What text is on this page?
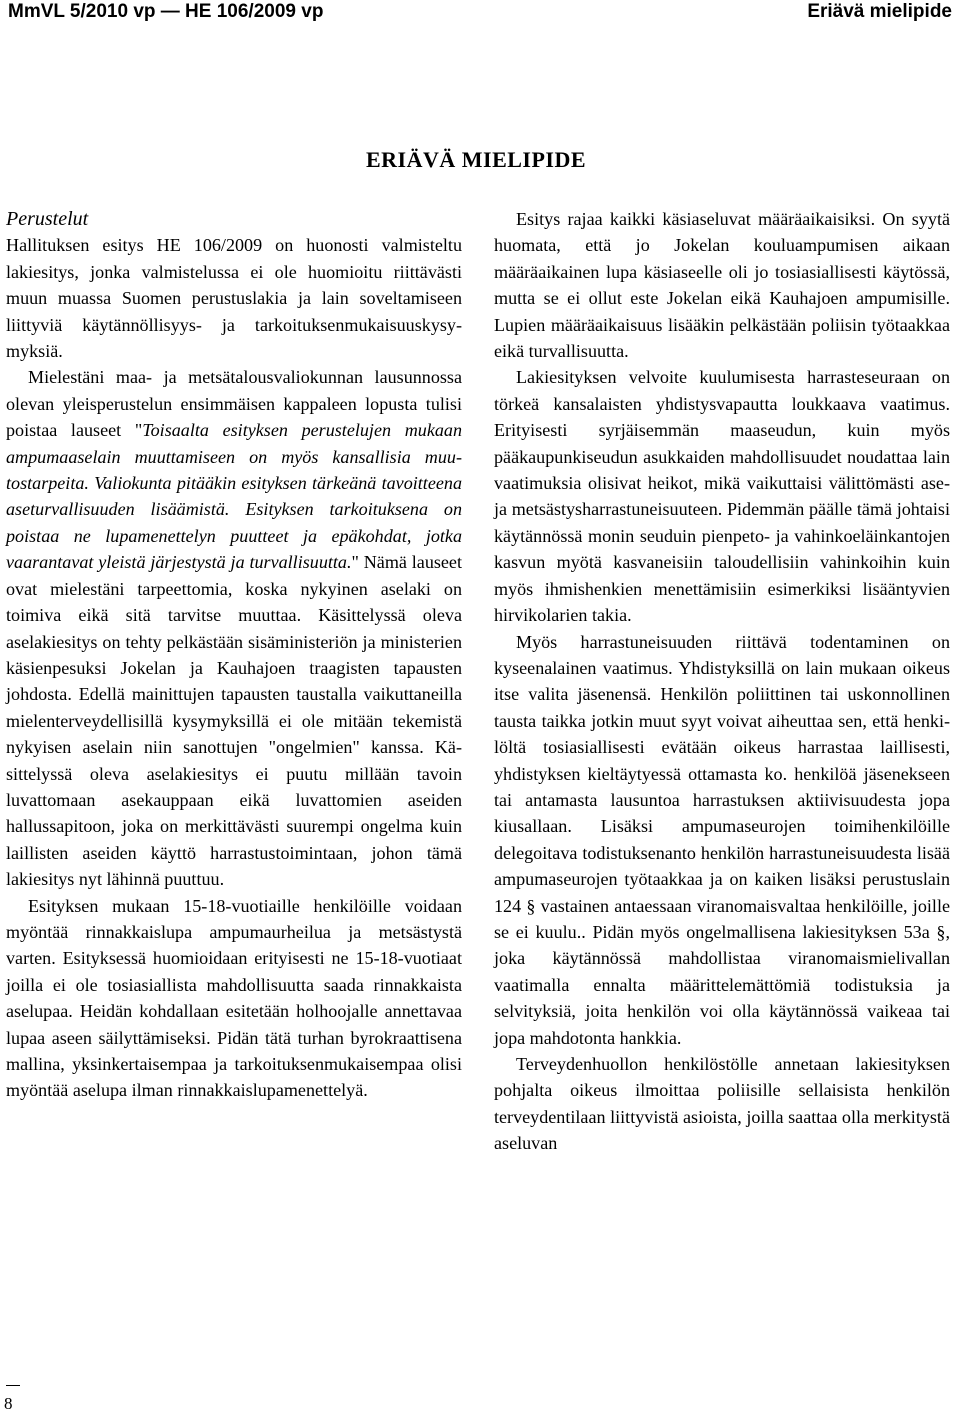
MmVL 5/2010 vp — HE 106/2009 vp	Eriävä mielipide
ERIÄVÄ MIELIPIDE
Perustelut

Hallituksen esitys HE 106/2009 on huonosti valmisteltu lakiesitys, jonka valmistelussa ei ole huomioitu riittävästi muun muassa Suomen perustuslakia ja lain soveltamiseen liittyviä käytännöllisyys- ja tarkoituksenmukaisuuskysymyksiä.

Mielestäni maa- ja metsätalousvaliokunnan lausunnossa olevan yleisperustelun ensimmäisen kappaleen lopusta tulisi poistaa lauseet "Toisaalta esityksen perustelujen mukaan ampumaaselain muuttamiseen on myös kansallisia muutostarpeita. Valiokunta pitääkin esityksen tärkeänä tavoitteena aseturvallisuuden lisäämistä. Esityksen tarkoituksena on poistaa ne lupamenettelyn puutteet ja epäkohdat, jotka vaarantavat yleistä järjestystä ja turvallisuutta." Nämä lauseet ovat mielestäni tarpeettomia, koska nykyinen aselaki on toimiva eikä sitä tarvitse muuttaa. Käsittelyssä oleva aselakiesitys on tehty pelkästään sisäministeriön ja ministerien käsienpesuksi Jokelan ja Kauhajoen traagisten tapausten johdosta. Edellä mainittujen tapausten taustalla vaikuttaneilla mielenterveydellisillä kysymyksillä ei ole mitään tekemistä nykyisen aselain niin sanottujen "ongelmien" kanssa. Käsittelyssä oleva aselakiesitys ei puutu millään tavoin luvattomaan asekauppaan eikä luvattomien aseiden hallussapitoon, joka on merkittävästi suurempi ongelma kuin laillisten aseiden käyttö harrastustoimintaan, johon tämä lakiesitys nyt lähinnä puuttuu.

Esityksen mukaan 15-18-vuotiaille henkilöille voidaan myöntää rinnakkaislupa ampumaurheilua ja metsästystä varten. Esityksessä huomioidaan erityisesti ne 15-18-vuotiaat joilla ei ole tosiasiallista mahdollisuutta saada rinnakkaista aselupaa. Heidän kohdallaan esitetään holhoojalle annettavaa lupaa aseen säilyttämiseksi. Pidän tätä turhan byrokraattisena mallina, yksinkertaisempaa ja tarkoituksenmukaisempaa olisi myöntää aselupa ilman rinnakkaislupamenettelyä.

Esitys rajaa kaikki käsiaseluvat määräaikaisiksi. On syytä huomata, että jo Jokelan kouluampumisen aikaan määräaikainen lupa käsiaseelle oli jo tosiasiallisesti käytössä, mutta se ei ollut este Jokelan eikä Kauhajoen ampumisille. Lupien määräaikaisuus lisääkin pelkästään poliisin työtaakkaa eikä turvallisuutta.

Lakiesityksen velvoite kuulumisesta harrasteseuraan on törkeä kansalaisten yhdistysvapautta loukkaava vaatimus. Erityisesti syrjäisemmän maaseudun, kuin myös pääkaupunkiseudun asukkaiden mahdollisuudet noudattaa lain vaatimuksia olisivat heikot, mikä vaikuttaisi välittömästi ase- ja metsästysharrastuneisuuteen. Pidemmän päälle tämä johtaisi käytännössä monin seuduin pienpeto- ja vahinkoeläinkantojen kasvun myötä kasvaneisiin taloudellisiin vahinkoihin kuin myös ihmishenkien menettämisiin esimerkiksi lisääntyvien hirvikolarien takia.

Myös harrastuneisuuden riittävä todentaminen on kyseenalainen vaatimus. Yhdistyksillä on lain mukaan oikeus itse valita jäsenensä. Henkilön poliittinen tai uskonnollinen tausta taikka jotkin muut syyt voivat aiheuttaa sen, että henkilöltä tosiasiallisesti evätään oikeus harrastaa laillisesti, yhdistyksen kieltäytyessä ottamasta ko. henkilöä jäsenekseen tai antamasta lausuntoa harrastuksen aktiivisuudesta jopa kiusallaan. Lisäksi ampumaseurojen toimihenkilöille delegoitava todistuksenanto henkilön harrastuneisuudesta lisää ampumaseurojen työtaakkaa ja on kaiken lisäksi perustuslain 124 § vastainen antaessaan viranomaisvaltaa henkilöille, joille se ei kuulu.. Pidän myös ongelmallisena lakiesityksen 53a §, joka käytännössä mahdollistaa viranomaismielivallan vaatimalla ennalta määrittelemättömiä todistuksia ja selvityksiä, joita henkilön voi olla käytännössä vaikeaa tai jopa mahdotonta hankkia.

Terveydenhuollon henkilöstölle annetaan lakiesityksen pohjalta oikeus ilmoittaa poliisille sellaisista henkilön terveydentilaan liittyvistä asioista, joilla saattaa olla merkitystä aseluvan

8
